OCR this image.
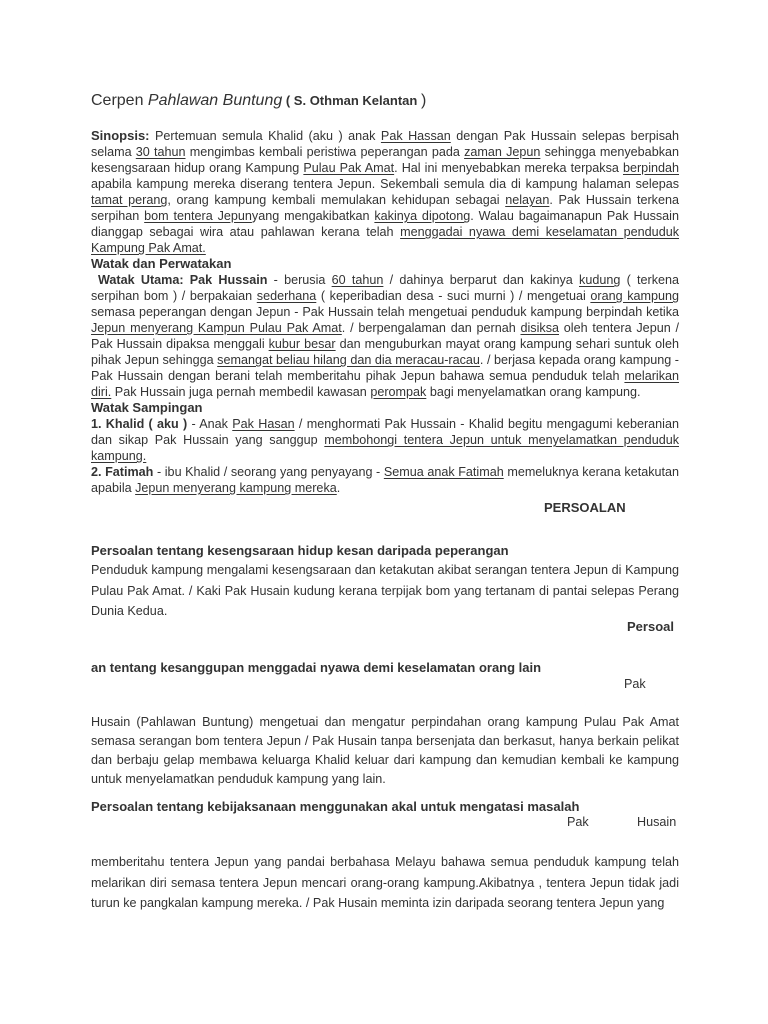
Cerpen Pahlawan Buntung ( S. Othman Kelantan )

Sinopsis: Pertemuan semula Khalid (aku ) anak Pak Hassan dengan Pak Hussain selepas berpisah selama 30 tahun mengimbas kembali peristiwa peperangan pada zaman Jepun sehingga menyebabkan kesengsaraan hidup orang Kampung Pulau Pak Amat. Hal ini menyebabkan mereka terpaksa berpindah apabila kampung mereka diserang tentera Jepun. Sekembali semula dia di kampung halaman selepas tamat perang, orang kampung kembali memulakan kehidupan sebagai nelayan. Pak Hussain terkena serpihan bom tentera Jepunyang mengakibatkan kakinya dipotong. Walau bagaimanapun Pak Hussain dianggap sebagai wira atau pahlawan kerana telah menggadai nyawa demi keselamatan penduduk Kampung Pak Amat.

Watak dan Perwatakan

Watak Utama: Pak Hussain - berusia 60 tahun / dahinya berparut dan kakinya kudung ( terkena serpihan bom ) / berpakaian sederhana ( keperibadian desa - suci murni ) / mengetuai orang kampung semasa peperangan dengan Jepun - Pak Hussain telah mengetuai penduduk kampung berpindah ketika Jepun menyerang Kampun Pulau Pak Amat. / berpengalaman dan pernah disiksa oleh tentera Jepun / Pak Hussain dipaksa menggali kubur besar dan menguburkan mayat orang kampung sehari suntuk oleh pihak Jepun sehingga semangat beliau hilang dan dia meracau-racau. / berjasa kepada orang kampung - Pak Hussain dengan berani telah memberitahu pihak Jepun bahawa semua penduduk telah melarikan diri. Pak Hussain juga pernah membedil kawasan perompak bagi menyelamatkan orang kampung.

Watak Sampingan

1. Khalid ( aku ) - Anak Pak Hasan / menghormati Pak Hussain - Khalid begitu mengagumi keberanian dan sikap Pak Hussain yang sanggup membohongi tentera Jepun untuk menyelamatkan penduduk kampung.

2. Fatimah - ibu Khalid / seorang yang penyayang - Semua anak Fatimah memeluknya kerana ketakutan apabila Jepun menyerang kampung mereka.

PERSOALAN
Persoalan tentang kesengsaraan hidup kesan daripada peperangan
Penduduk kampung mengalami kesengsaraan dan ketakutan akibat serangan tentera Jepun di Kampung Pulau Pak Amat. / Kaki Pak Husain kudung kerana terpijak bom yang tertanam di pantai selepas Perang Dunia Kedua.
Persoal
an tentang kesanggupan menggadai nyawa demi keselamatan orang lain
Pak
Husain (Pahlawan Buntung) mengetuai dan mengatur perpindahan orang kampung Pulau Pak Amat semasa serangan bom tentera Jepun / Pak Husain tanpa bersenjata dan berkasut, hanya berkain pelikat dan berbaju gelap membawa keluarga Khalid keluar dari kampung dan kemudian kembali ke kampung untuk menyelamatkan penduduk kampung yang lain.
Persoalan tentang kebijaksanaan menggunakan akal untuk mengatasi masalah
Pak	Husain
memberitahu tentera Jepun yang pandai berbahasa Melayu bahawa semua penduduk kampung telah melarikan diri semasa tentera Jepun mencari orang-orang kampung.Akibatnya , tentera Jepun tidak jadi turun ke pangkalan kampung mereka. / Pak Husain meminta izin daripada seorang tentera Jepun yang
